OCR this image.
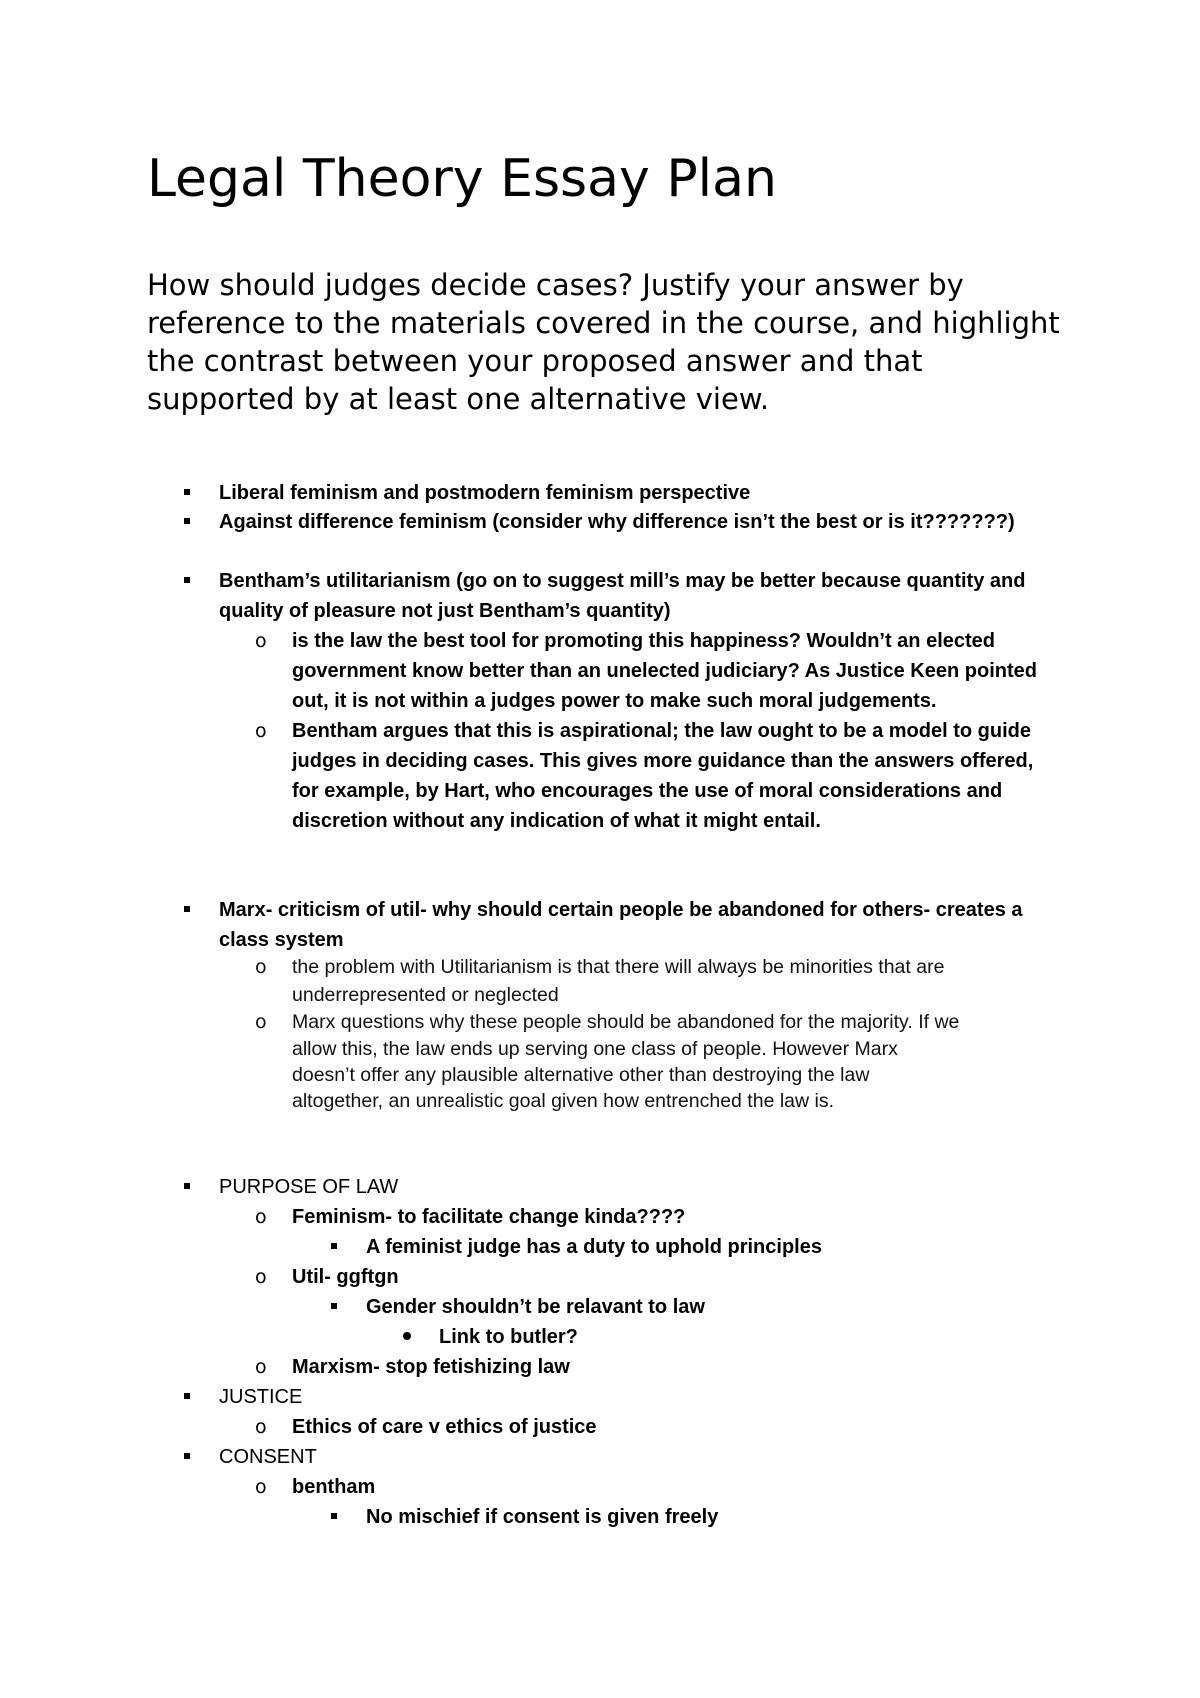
Legal Theory Essay Plan

How should judges decide cases? Justify your answer by reference to the materials covered in the course, and highlight the contrast between your proposed answer and that supported by at least one alternative view.

Liberal feminism and postmodern feminism perspective
Against difference feminism (consider why difference isn’t the best or is it???????)
Bentham’s utilitarianism (go on to suggest mill’s may be better because quantity and
quality of pleasure not just Bentham’s quantity)
o is the law the best tool for promoting this happiness? Wouldn’t an elected
government know better than an unelected judiciary? As Justice Keen pointed
out, it is not within a judges power to make such moral judgements.
o Bentham argues that this is aspirational; the law ought to be a model to guide
judges in deciding cases. This gives more guidance than the answers offered,
for example, by Hart, who encourages the use of moral considerations and
discretion without any indication of what it might entail.
Marx- criticism of util- why should certain people be abandoned for others- creates a
class system
o the problem with Utilitarianism is that there will always be minorities that are
underrepresented or neglected
o Marx questions why these people should be abandoned for the majority. If we
allow this, the law ends up serving one class of people. However Marx
doesn’t offer any plausible alternative other than destroying the law
altogether, an unrealistic goal given how entrenched the law is.
PURPOSE OF LAW
o Feminism- to facilitate change kinda????
A feminist judge has a duty to uphold principles
o Util- ggftgn
Gender shouldn’t be relavant to law
Link to butler?
o Marxism- stop fetishizing law
JUSTICE
o Ethics of care v ethics of justice
CONSENT
o bentham
No mischief if consent is given freely
